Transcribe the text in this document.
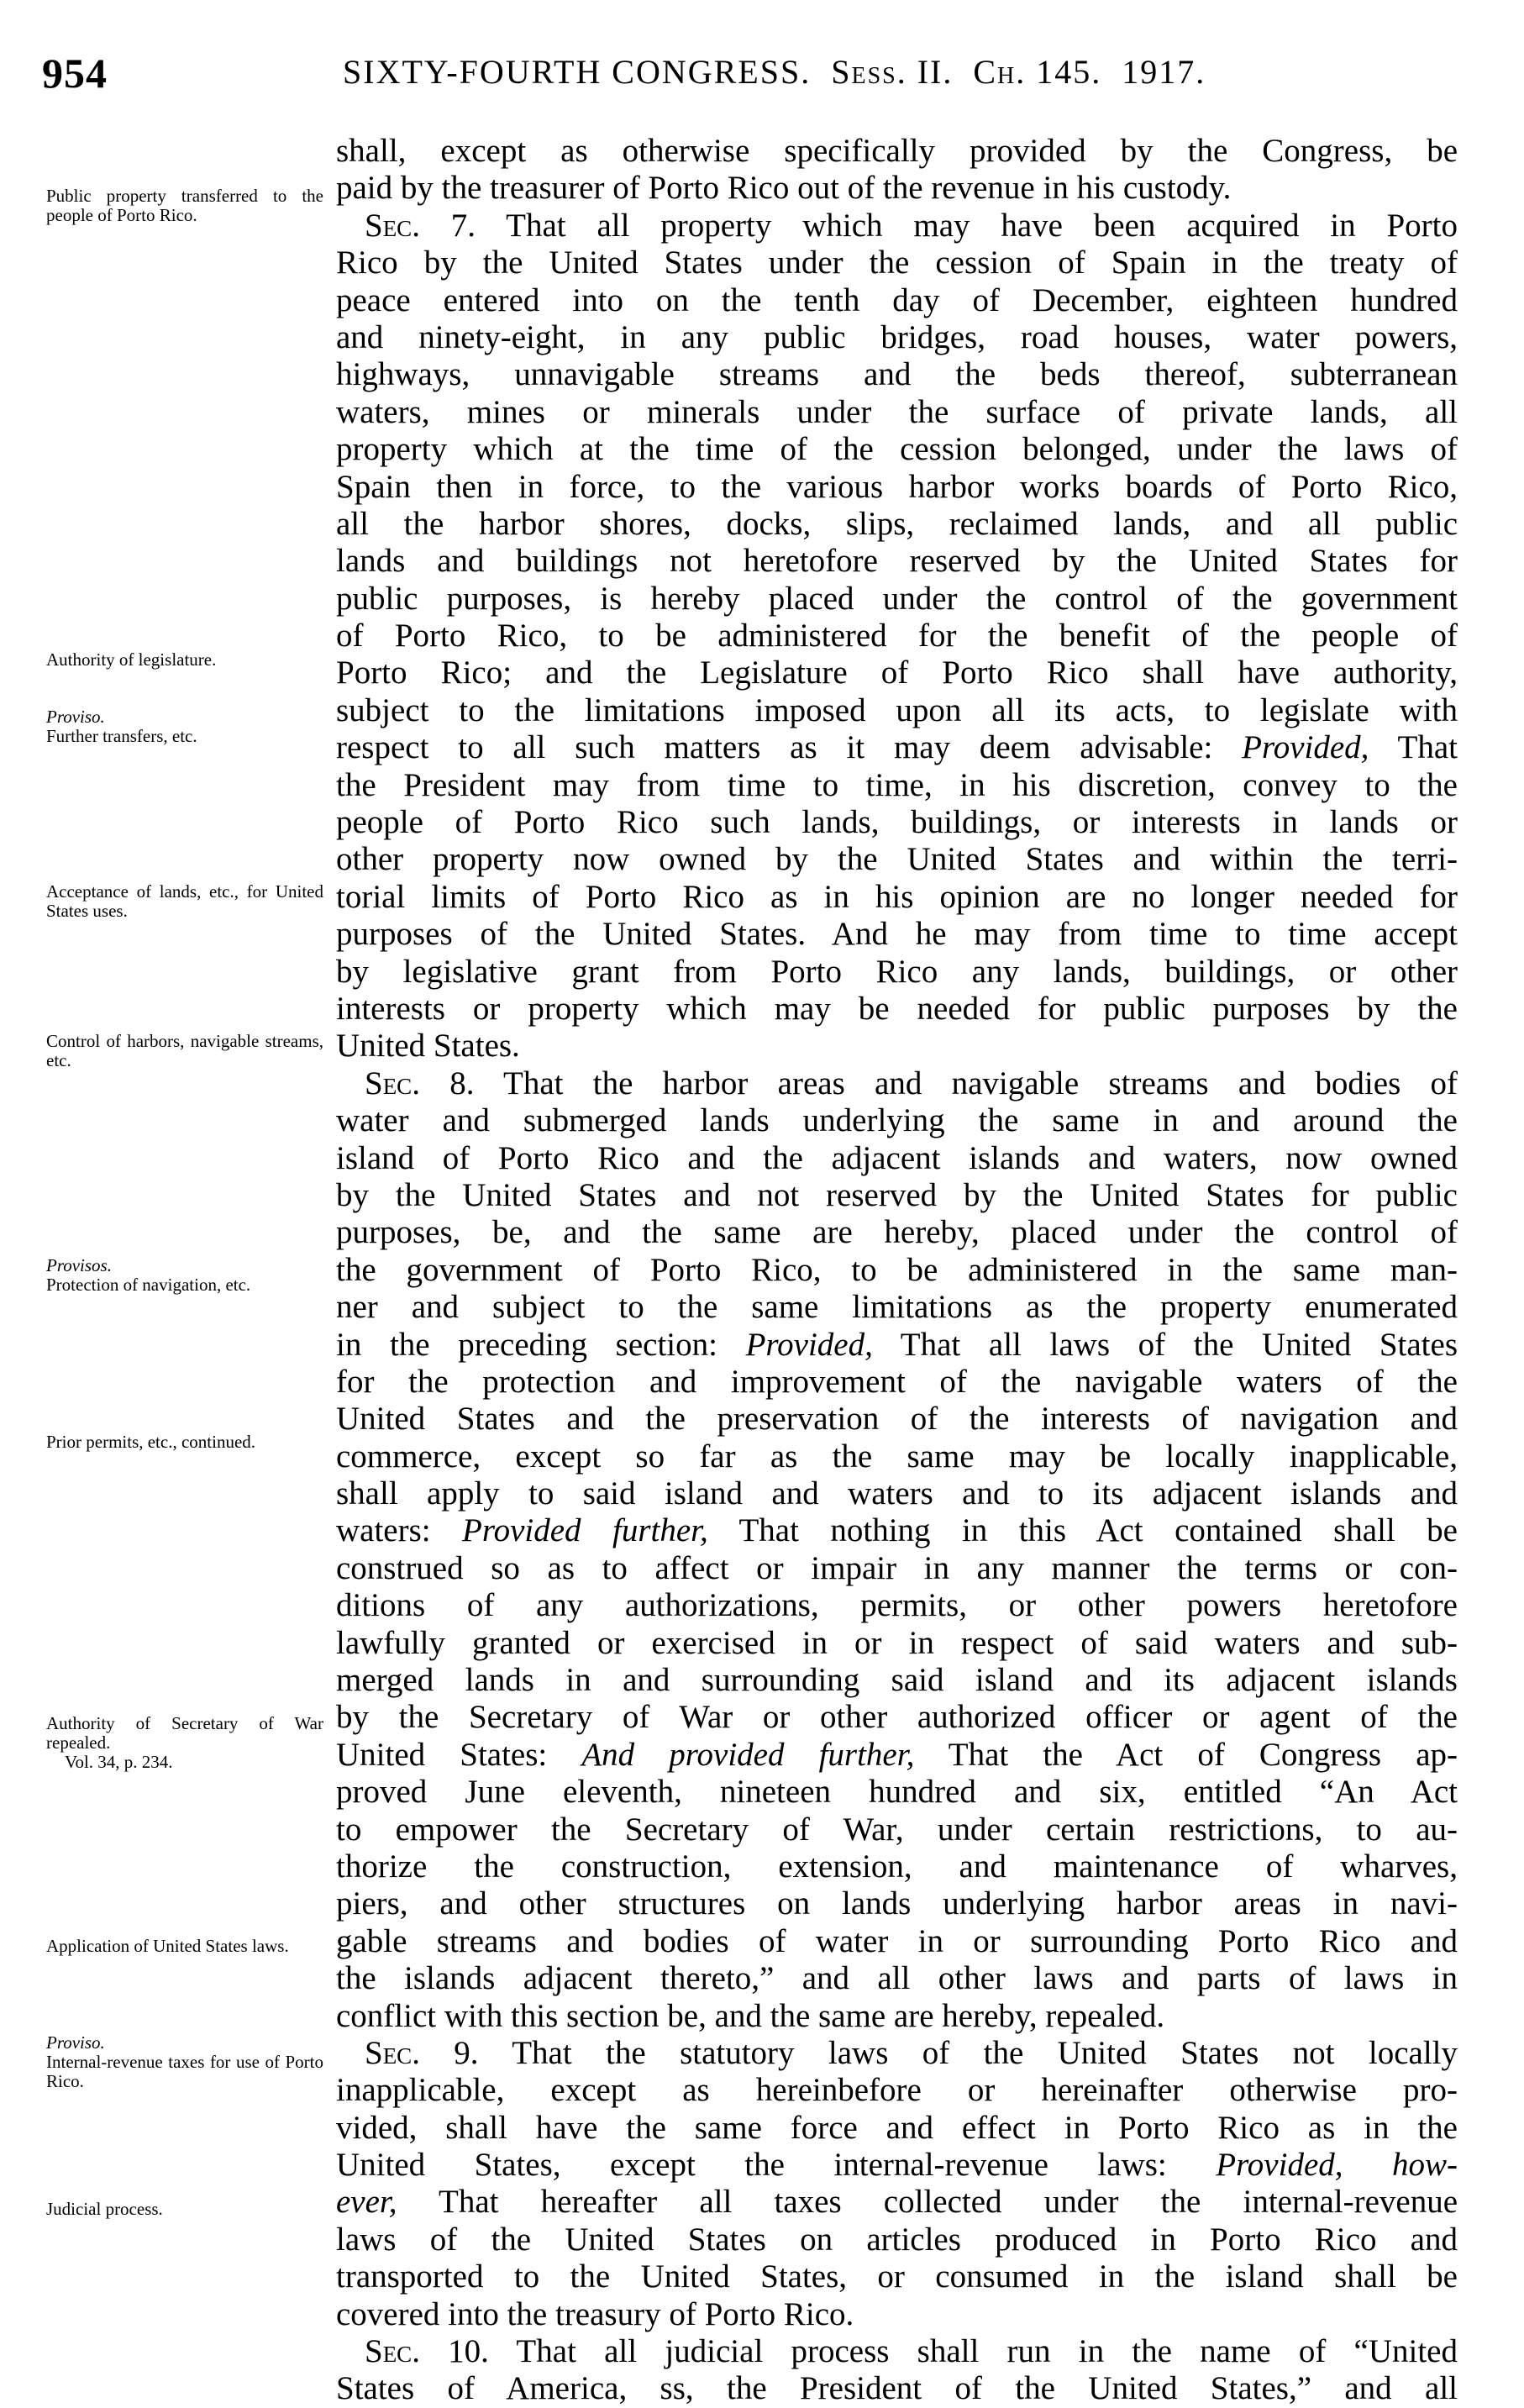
954	SIXTY-FOURTH CONGRESS. Sess. II. Ch. 145. 1917.
Public property transferred to the people of Porto Rico.
Authority of legislature.
Proviso.
Further transfers, etc.
Acceptance of lands, etc., for United States uses.
Control of harbors, navigable streams, etc.
Provisos.
Protection of navigation, etc.
Prior permits, etc., continued.
Authority of Secretary of War repealed.
Vol. 34, p. 234.
Application of United States laws.
Proviso.
Internal-revenue taxes for use of Porto Rico.
Judicial process.
shall, except as otherwise specifically provided by the Congress, be
paid by the treasurer of Porto Rico out of the revenue in his custody.
Sec. 7. That all property which may have been acquired in Porto
Rico by the United States under the cession of Spain in the treaty of
peace entered into on the tenth day of December, eighteen hundred
and ninety-eight, in any public bridges, road houses, water powers,
highways, unnavigable streams and the beds thereof, subterranean
waters, mines or minerals under the surface of private lands, all
property which at the time of the cession belonged, under the laws of
Spain then in force, to the various harbor works boards of Porto Rico,
all the harbor shores, docks, slips, reclaimed lands, and all public
lands and buildings not heretofore reserved by the United States for
public purposes, is hereby placed under the control of the government
of Porto Rico, to be administered for the benefit of the people of
Porto Rico; and the Legislature of Porto Rico shall have authority,
subject to the limitations imposed upon all its acts, to legislate with
respect to all such matters as it may deem advisable: Provided, That
the President may from time to time, in his discretion, convey to the
people of Porto Rico such lands, buildings, or interests in lands or
other property now owned by the United States and within the terri-
torial limits of Porto Rico as in his opinion are no longer needed for
purposes of the United States. And he may from time to time accept
by legislative grant from Porto Rico any lands, buildings, or other
interests or property which may be needed for public purposes by the
United States.
Sec. 8. That the harbor areas and navigable streams and bodies of
water and submerged lands underlying the same in and around the
island of Porto Rico and the adjacent islands and waters, now owned
by the United States and not reserved by the United States for public
purposes, be, and the same are hereby, placed under the control of
the government of Porto Rico, to be administered in the same man-
ner and subject to the same limitations as the property enumerated
in the preceding section: Provided, That all laws of the United States
for the protection and improvement of the navigable waters of the
United States and the preservation of the interests of navigation and
commerce, except so far as the same may be locally inapplicable,
shall apply to said island and waters and to its adjacent islands and
waters: Provided further, That nothing in this Act contained shall be
construed so as to affect or impair in any manner the terms or con-
ditions of any authorizations, permits, or other powers heretofore
lawfully granted or exercised in or in respect of said waters and sub-
merged lands in and surrounding said island and its adjacent islands
by the Secretary of War or other authorized officer or agent of the
United States: And provided further, That the Act of Congress ap-
proved June eleventh, nineteen hundred and six, entitled “An Act
to empower the Secretary of War, under certain restrictions, to au-
thorize the construction, extension, and maintenance of wharves,
piers, and other structures on lands underlying harbor areas in navi-
gable streams and bodies of water in or surrounding Porto Rico and
the islands adjacent thereto,” and all other laws and parts of laws in
conflict with this section be, and the same are hereby, repealed.
Sec. 9. That the statutory laws of the United States not locally
inapplicable, except as hereinbefore or hereinafter otherwise pro-
vided, shall have the same force and effect in Porto Rico as in the
United States, except the internal-revenue laws: Provided, how-
ever, That hereafter all taxes collected under the internal-revenue
laws of the United States on articles produced in Porto Rico and
transported to the United States, or consumed in the island shall be
covered into the treasury of Porto Rico.
Sec. 10. That all judicial process shall run in the name of “United
States of America, ss, the President of the United States,” and all
